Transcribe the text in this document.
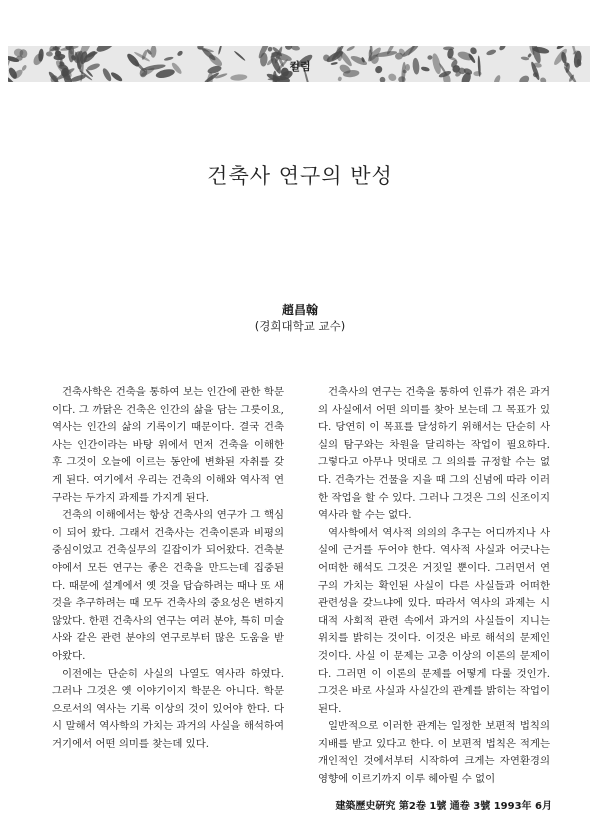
컬럼
건축사 연구의 반성
趙昌翰
(경희대학교 교수)

건축사학은 건축을 통하여 보는 인간에 관한 학문이다. 그 까닭은 건축은 인간의 삶을 담는 그릇이요, 역사는 인간의 삶의 기록이기 때문이다. 결국 건축사는 인간이라는 바탕 위에서 먼저 건축을 이해한 후 그것이 오늘에 이르는 동안에 변화된 자취를 갖게 된다. 여기에서 우리는 건축의 이해와 역사적 연구라는 두가지 과제를 가지게 된다.

건축의 이해에서는 항상 건축사의 연구가 그 핵심이 되어 왔다. 그래서 건축사는 건축이론과 비평의 중심이었고 건축실무의 길잡이가 되어왔다. 건축분야에서 모든 연구는 좋은 건축을 만드는데 집중된다. 때문에 설계에서 옛 것을 답습하려는 때나 또 새 것을 추구하려는 때 모두 건축사의 중요성은 변하지 않았다. 한편 건축사의 연구는 여러 분야, 특히 미술사와 같은 관련 분야의 연구로부터 많은 도움을 받아왔다.

이전에는 단순히 사실의 나열도 역사라 하였다. 그러나 그것은 옛 이야기이지 학문은 아니다. 학문으로서의 역사는 기록 이상의 것이 있어야 한다. 다시 말해서 역사학의 가치는 과거의 사실을 해석하여 거기에서 어떤 의미를 찾는데 있다.

건축사의 연구는 건축을 통하여 인류가 겪은 과거의 사실에서 어떤 의미를 찾아 보는데 그 목표가 있다. 당연히 이 목표를 달성하기 위해서는 단순히 사실의 탐구와는 차원을 달리하는 작업이 필요하다. 그렇다고 아무나 멋대로 그 의의를 규정할 수는 없다. 건축가는 건물을 지을 때 그의 신념에 따라 이러한 작업을 할 수 있다. 그러나 그것은 그의 신조이지 역사라 할 수는 없다.

역사학에서 역사적 의의의 추구는 어디까지나 사실에 근거를 두어야 한다. 역사적 사실과 어긋나는 어떠한 해석도 그것은 거짓일 뿐이다. 그러면서 연구의 가치는 확인된 사실이 다른 사실들과 어떠한 관련성을 갖느냐에 있다. 따라서 역사의 과제는 시대적 사회적 관련 속에서 과거의 사실들이 지니는 위치를 밝히는 것이다. 이것은 바로 해석의 문제인 것이다. 사실 이 문제는 고층 이상의 이론의 문제이다. 그러면 이 이론의 문제를 어떻게 다룰 것인가. 그것은 바로 사실과 사실간의 관계를 밝히는 작업이 된다.

일반적으로 이러한 관계는 일정한 보편적 법칙의 지배를 받고 있다고 한다. 이 보편적 법칙은 적게는 개인적인 것에서부터 시작하여 크게는 자연환경의 영향에 이르기까지 이루 헤아릴 수 없이

建築歷史硏究 第2卷 1號 通卷 3號 1993年 6月
